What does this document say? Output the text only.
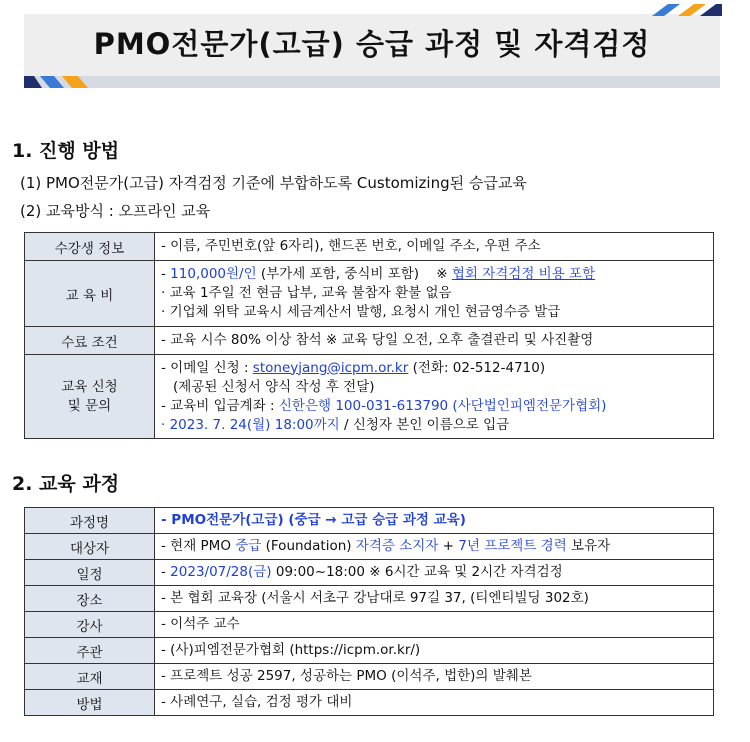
PMO전문가(고급) 승급 과정 및 자격검정
1. 진행 방법

(1) PMO전문가(고급) 자격검정 기준에 부합하도록 Customizing된 승급교육

(2) 교육방식 : 오프라인 교육

수강생 정보	- 이름, 주민번호(앞 6자리), 핸드폰 번호, 이메일 주소, 우편 주소

교 육 비	- 110,000원/인 (부가세 포함, 중식비 포함) ※ 협회 자격검정 비용 포함
· 교육 1주일 전 현금 납부, 교육 불참자 환불 없음
· 기업체 위탁 교육시 세금계산서 발행, 요청시 개인 현금영수증 발급

수료 조건	- 교육 시수 80% 이상 참석 ※ 교육 당일 오전, 오후 출결관리 및 사진촬영

교육 신청
및 문의	- 이메일 신청 : stoneyjang@icpm.or.kr (전화: 02-512-4710)
(제공된 신청서 양식 작성 후 전달)
- 교육비 입금계좌 : 신한은행 100-031-613790 (사단법인피엠전문가협회)
· 2023. 7. 24(월) 18:00까지 / 신청자 본인 이름으로 입금
2. 교육 과정
과정명	- PMO전문가(고급) (중급 → 고급 승급 과정 교육)

대상자	- 현재 PMO 중급 (Foundation) 자격증 소지자 + 7년 프로젝트 경력 보유자

일정	- 2023/07/28(금) 09:00~18:00 ※ 6시간 교육 및 2시간 자격검정

장소	- 본 협회 교육장 (서울시 서초구 강남대로 97길 37, (티엔티빌딩 302호)

강사	- 이석주 교수

주관	- (사)피엠전문가협회 (https://icpm.or.kr/)

교재	- 프로젝트 성공 2597, 성공하는 PMO (이석주, 법한)의 발췌본

방법	- 사례연구, 실습, 검정 평가 대비
